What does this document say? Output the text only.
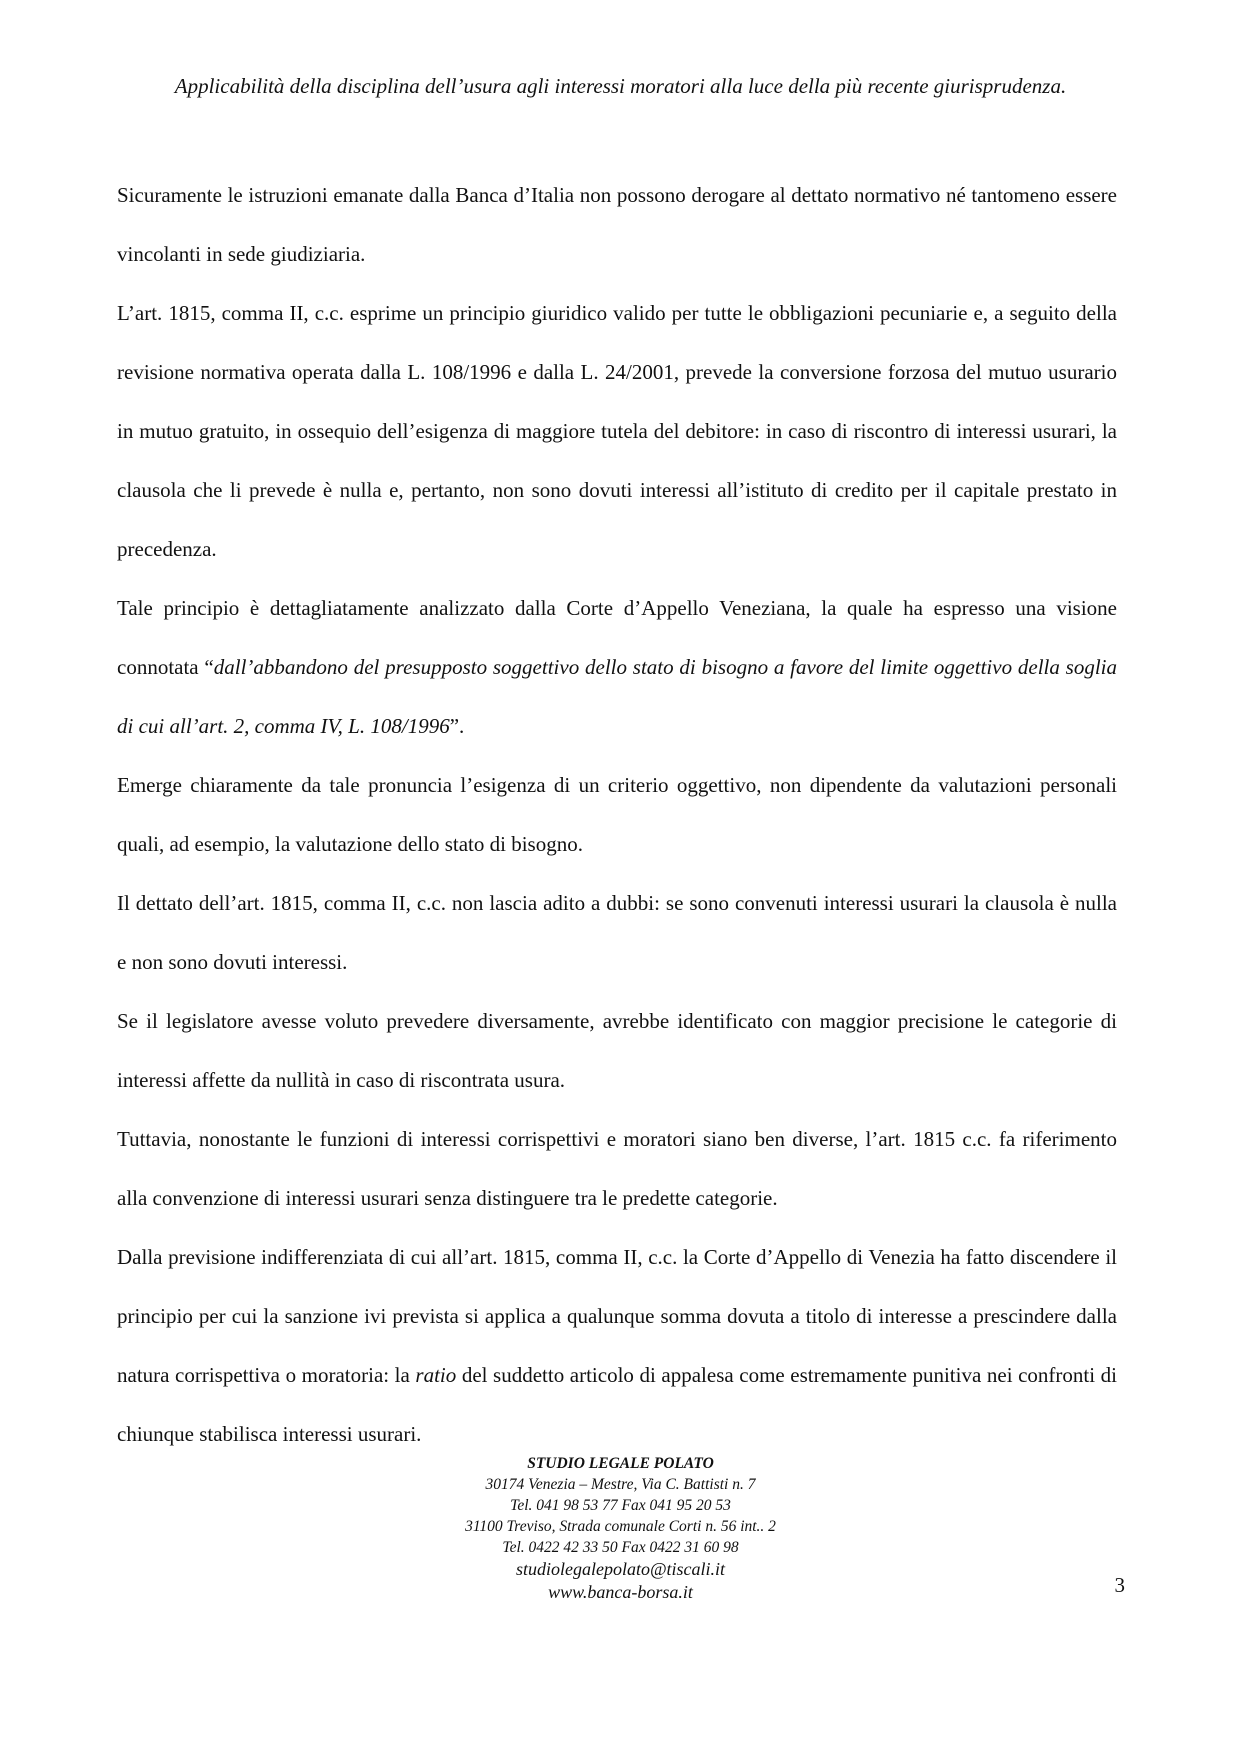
Applicabilità della disciplina dell’usura agli interessi moratori alla luce della più recente giurisprudenza.

Sicuramente le istruzioni emanate dalla Banca d’Italia non possono derogare al dettato normativo né tantomeno essere vincolanti in sede giudiziaria.

L’art. 1815, comma II, c.c. esprime un principio giuridico valido per tutte le obbligazioni pecuniarie e, a seguito della revisione normativa operata dalla L. 108/1996 e dalla L. 24/2001, prevede la conversione forzosa del mutuo usurario in mutuo gratuito, in ossequio dell’esigenza di maggiore tutela del debitore: in caso di riscontro di interessi usurari, la clausola che li prevede è nulla e, pertanto, non sono dovuti interessi all’istituto di credito per il capitale prestato in precedenza.

Tale principio è dettagliatamente analizzato dalla Corte d’Appello Veneziana, la quale ha espresso una visione connotata “dall’abbandono del presupposto soggettivo dello stato di bisogno a favore del limite oggettivo della soglia di cui all’art. 2, comma IV, L. 108/1996”.

Emerge chiaramente da tale pronuncia l’esigenza di un criterio oggettivo, non dipendente da valutazioni personali quali, ad esempio, la valutazione dello stato di bisogno.

Il dettato dell’art. 1815, comma II, c.c. non lascia adito a dubbi: se sono convenuti interessi usurari la clausola è nulla e non sono dovuti interessi.

Se il legislatore avesse voluto prevedere diversamente, avrebbe identificato con maggior precisione le categorie di interessi affette da nullità in caso di riscontrata usura.

Tuttavia, nonostante le funzioni di interessi corrispettivi e moratori siano ben diverse, l’art. 1815 c.c. fa riferimento alla convenzione di interessi usurari senza distinguere tra le predette categorie.

Dalla previsione indifferenziata di cui all’art. 1815, comma II, c.c. la Corte d’Appello di Venezia ha fatto discendere il principio per cui la sanzione ivi prevista si applica a qualunque somma dovuta a titolo di interesse a prescindere dalla natura corrispettiva o moratoria: la ratio del suddetto articolo di appalesa come estremamente punitiva nei confronti di chiunque stabilisca interessi usurari.

STUDIO LEGALE POLATO
30174 Venezia – Mestre, Via C. Battisti n. 7
Tel. 041 98 53 77 Fax 041 95 20 53
31100 Treviso, Strada comunale Corti n. 56 int.. 2
Tel. 0422 42 33 50 Fax 0422 31 60 98
studiolegalepolato@tiscali.it
www.banca-borsa.it	3
